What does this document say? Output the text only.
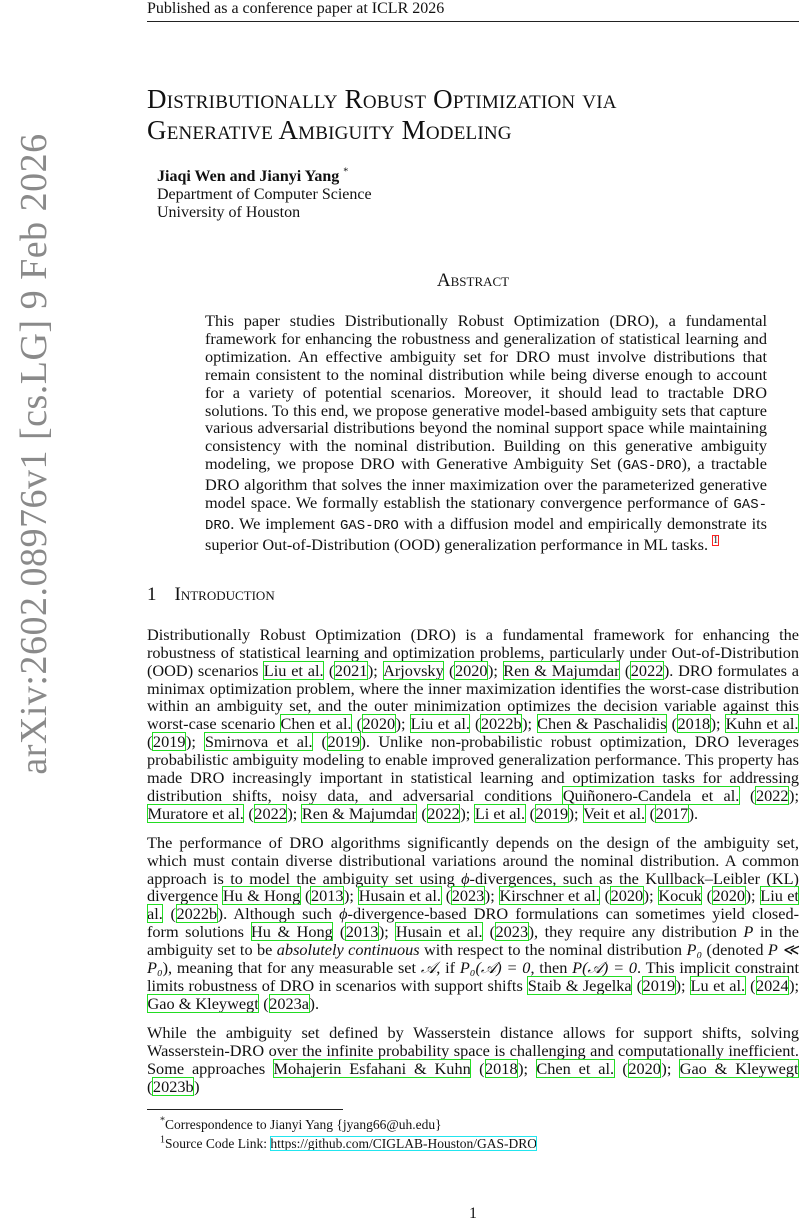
arXiv:2602.08976v1 [cs.LG] 9 Feb 2026
Published as a conference paper at ICLR 2026
Distributionally Robust Optimization via
Generative Ambiguity Modeling
Jiaqi Wen and Jianyi Yang *
Department of Computer Science
University of Houston
Abstract
This paper studies Distributionally Robust Optimization (DRO), a fundamental framework for enhancing the robustness and generalization of statistical learning and optimization. An effective ambiguity set for DRO must involve distributions that remain consistent to the nominal distribution while being diverse enough to account for a variety of potential scenarios. Moreover, it should lead to tractable DRO solutions. To this end, we propose generative model-based ambiguity sets that capture various adversarial distributions beyond the nominal support space while maintaining consistency with the nominal distribution. Building on this generative ambiguity modeling, we propose DRO with Generative Ambiguity Set (GAS-DRO), a tractable DRO algorithm that solves the inner maximization over the parameterized generative model space. We formally establish the stationary convergence performance of GAS-DRO. We implement GAS-DRO with a diffusion model and empirically demonstrate its superior Out-of-Distribution (OOD) generalization performance in ML tasks. $^1$
1 Introduction
Distributionally Robust Optimization (DRO) is a fundamental framework for enhancing the robustness of statistical learning and optimization problems, particularly under Out-of-Distribution (OOD) scenarios Liu et al. (2021); Arjovsky (2020); Ren & Majumdar (2022). DRO formulates a minimax optimization problem, where the inner maximization identifies the worst-case distribution within an ambiguity set, and the outer minimization optimizes the decision variable against this worst-case scenario Chen et al. (2020); Liu et al. (2022b); Chen & Paschalidis (2018); Kuhn et al. (2019); Smirnova et al. (2019). Unlike non-probabilistic robust optimization, DRO leverages probabilistic ambiguity modeling to enable improved generalization performance. This property has made DRO increasingly important in statistical learning and optimization tasks for addressing distribution shifts, noisy data, and adversarial conditions Quiñonero-Candela et al. (2022); Muratore et al. (2022); Ren & Majumdar (2022); Li et al. (2019); Veit et al. (2017).
The performance of DRO algorithms significantly depends on the design of the ambiguity set, which must contain diverse distributional variations around the nominal distribution. A common approach is to model the ambiguity set using ϕ-divergences, such as the Kullback–Leibler (KL) divergence Hu & Hong (2013); Husain et al. (2023); Kirschner et al. (2020); Kocuk (2020); Liu et al. (2022b). Although such ϕ-divergence-based DRO formulations can sometimes yield closed-form solutions Hu & Hong (2013); Husain et al. (2023), they require any distribution P in the ambiguity set to be absolutely continuous with respect to the nominal distribution P₀ (denoted P ≪ P₀), meaning that for any measurable set 𝒜, if P₀(𝒜) = 0, then P(𝒜) = 0. This implicit constraint limits robustness of DRO in scenarios with support shifts Staib & Jegelka (2019); Lu et al. (2024); Gao & Kleywegt (2023a).
While the ambiguity set defined by Wasserstein distance allows for support shifts, solving Wasserstein-DRO over the infinite probability space is challenging and computationally inefficient. Some approaches Mohajerin Esfahani & Kuhn (2018); Chen et al. (2020); Gao & Kleywegt (2023b)
*Correspondence to Jianyi Yang {jyang66@uh.edu}
$^1$Source Code Link: https://github.com/CIGLAB-Houston/GAS-DRO
1
